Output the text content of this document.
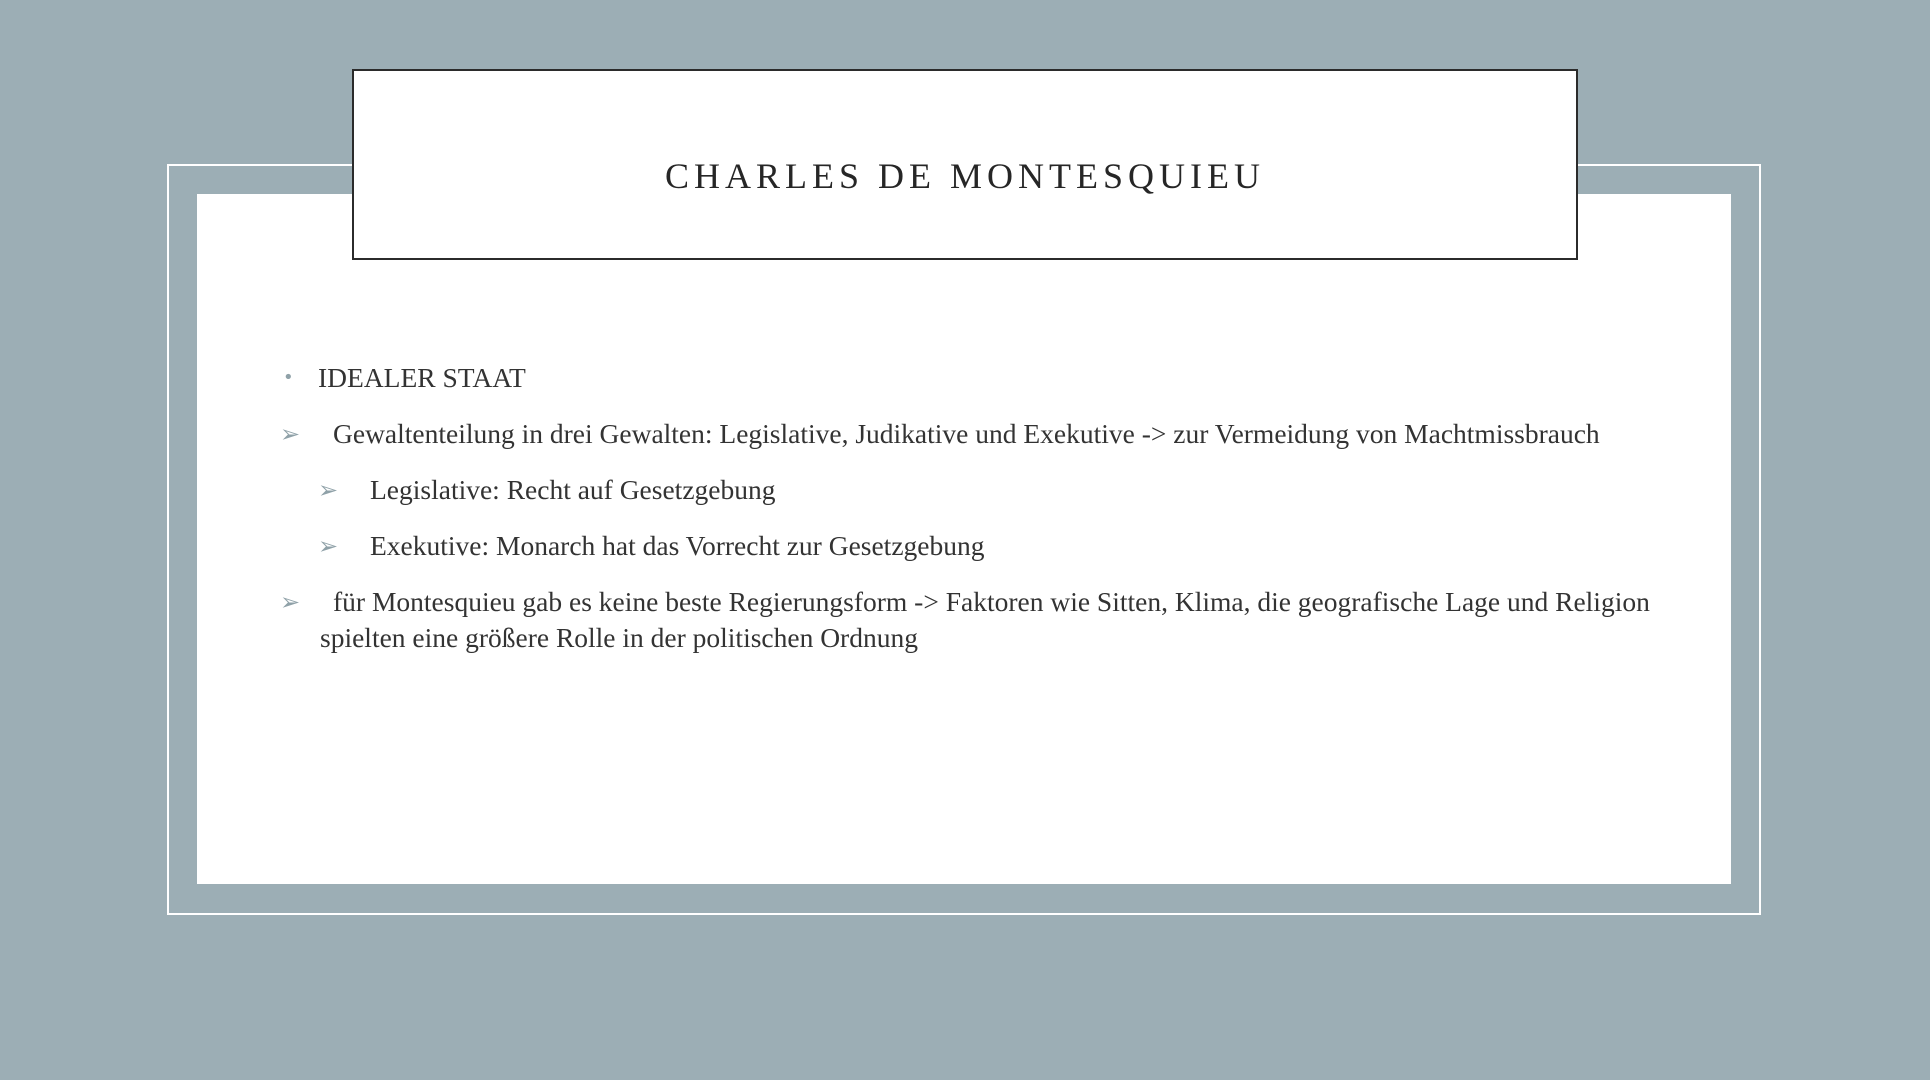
CHARLES DE MONTESQUIEU
• IDEALER STAAT
➢	Gewaltenteilung in drei Gewalten: Legislative, Judikative und Exekutive -> zur Vermeidung von Machtmissbrauch
➢	Legislative: Recht auf Gesetzgebung
➢	Exekutive: Monarch hat das Vorrecht zur Gesetzgebung
➢	für Montesquieu gab es keine beste Regierungsform -> Faktoren wie Sitten, Klima, die geografische Lage und Religion spielten eine größere Rolle in der politischen Ordnung
